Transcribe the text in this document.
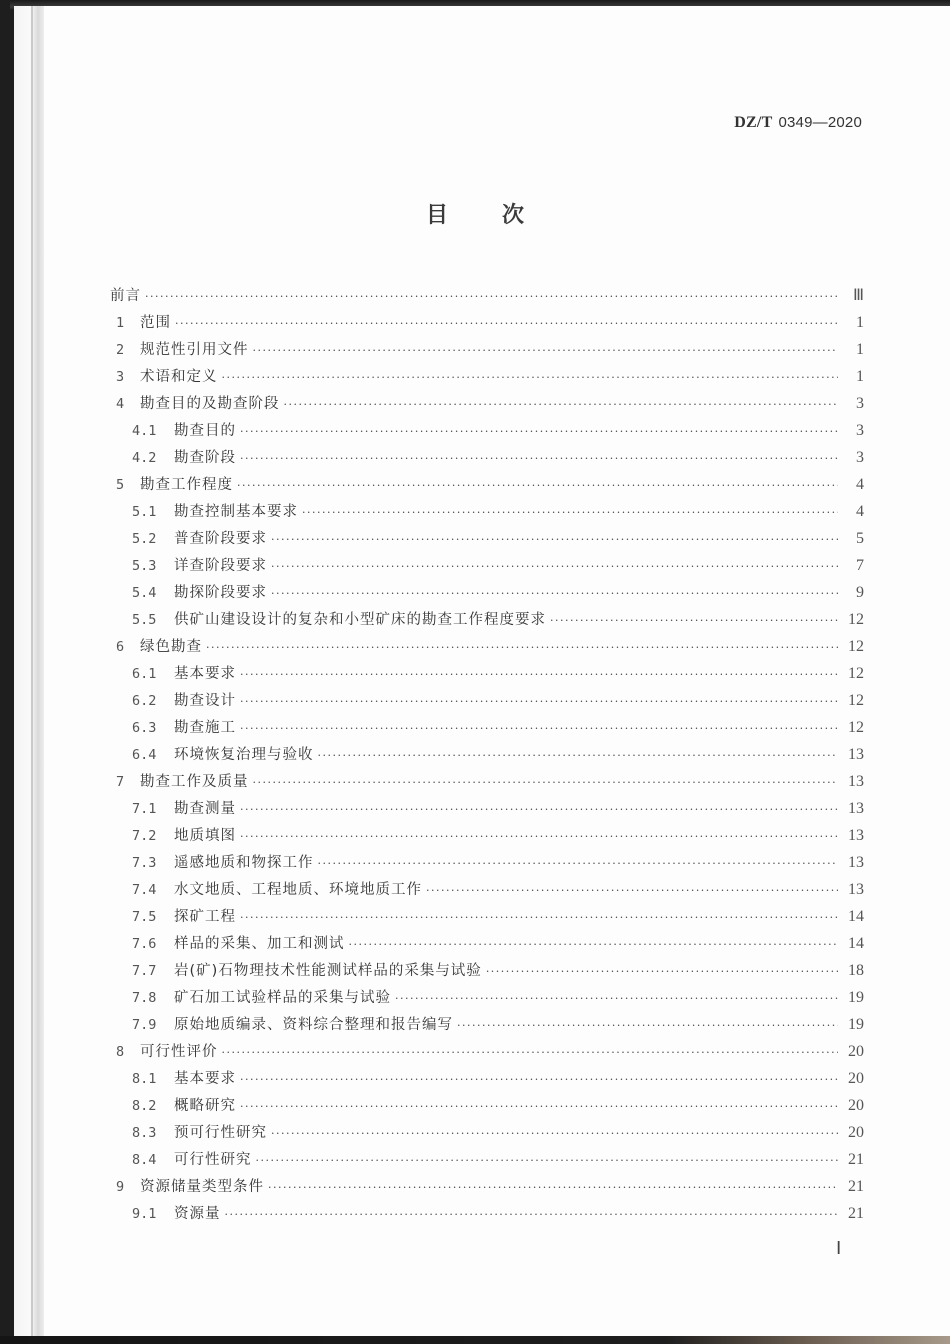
DZ/T 0349—2020
目次
前言 ·····	Ⅲ
1	范围 ·····	1
2	规范性引用文件 ·····	1
3	术语和定义 ·····	1
4	勘查目的及勘查阶段 ·····	3
4.1	勘查目的 ·····	3
4.2	勘查阶段 ·····	3
5	勘查工作程度 ·····	4
5.1	勘查控制基本要求 ·····	4
5.2	普查阶段要求 ·····	5
5.3	详查阶段要求 ·····	7
5.4	勘探阶段要求 ·····	9
5.5	供矿山建设设计的复杂和小型矿床的勘查工作程度要求 ·····	12
6	绿色勘查 ·····	12
6.1	基本要求 ·····	12
6.2	勘查设计 ·····	12
6.3	勘查施工 ·····	12
6.4	环境恢复治理与验收 ·····	13
7	勘查工作及质量 ·····	13
7.1	勘查测量 ·····	13
7.2	地质填图 ·····	13
7.3	遥感地质和物探工作 ·····	13
7.4	水文地质、工程地质、环境地质工作 ·····	13
7.5	探矿工程 ·····	14
7.6	样品的采集、加工和测试 ·····	14
7.7	岩(矿)石物理技术性能测试样品的采集与试验 ·····	18
7.8	矿石加工试验样品的采集与试验 ·····	19
7.9	原始地质编录、资料综合整理和报告编写 ·····	19
8	可行性评价 ·····	20
8.1	基本要求 ·····	20
8.2	概略研究 ·····	20
8.3	预可行性研究 ·····	20
8.4	可行性研究 ·····	21
9	资源储量类型条件 ·····	21
9.1	资源量 ·····	21
Ⅰ
